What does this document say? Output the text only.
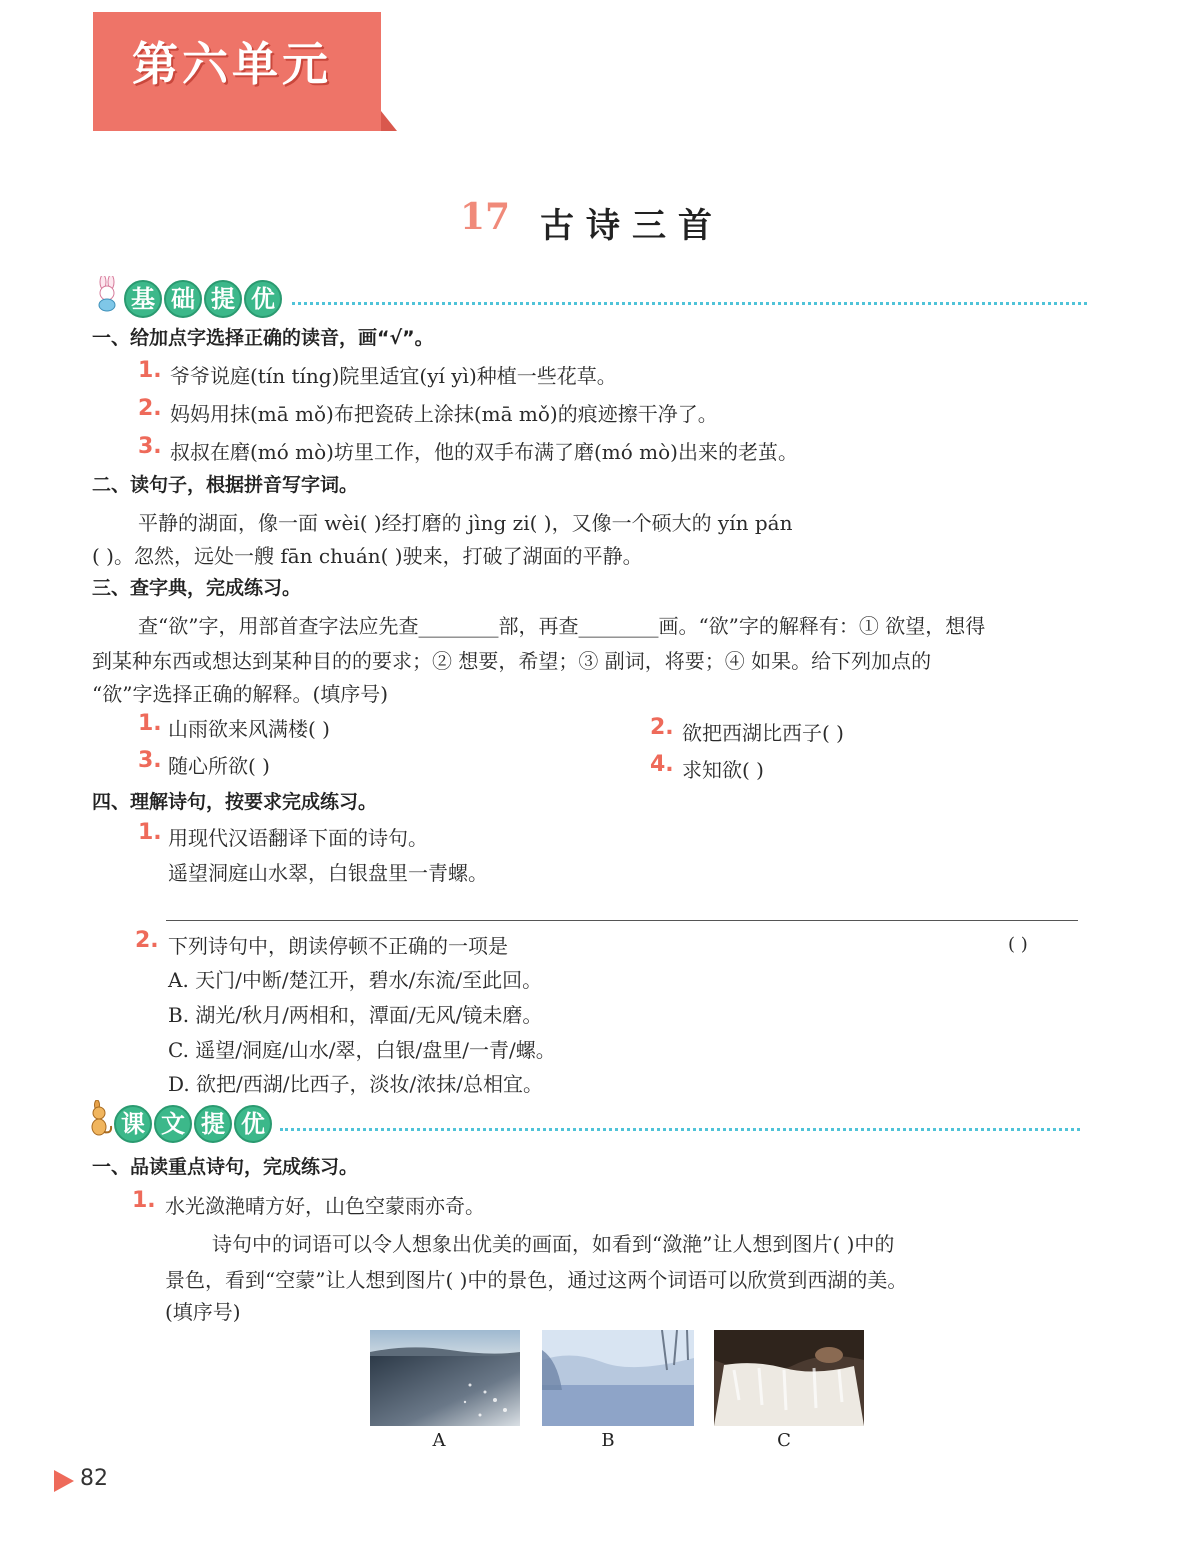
第六单元
17 古诗三首
基 础 提 优
一、给加点字选择正确的读音，画“√”。
1. 爷爷说庭(tín tíng)院里适宜(yí yì)种植一些花草。
2. 妈妈用抹(mā mǒ)布把瓷砖上涂抹(mā mǒ)的痕迹擦干净了。
3. 叔叔在磨(mó mò)坊里工作，他的双手布满了磨(mó mò)出来的老茧。
二、读句子，根据拼音写字词。
平静的湖面，像一面 wèi( )经打磨的 jìng zi( )，又像一个硕大的 yín pán
( )。忽然，远处一艘 fān chuán( )驶来，打破了湖面的平静。
三、查字典，完成练习。
查“欲”字，用部首查字法应先查________部，再查________画。“欲”字的解释有：① 欲望，想得
到某种东西或想达到某种目的的要求；② 想要，希望；③ 副词，将要；④ 如果。给下列加点的
“欲”字选择正确的解释。(填序号)
1. 山雨欲来风满楼( )	2. 欲把西湖比西子( )
3. 随心所欲( )	4. 求知欲( )
四、理解诗句，按要求完成练习。
1. 用现代汉语翻译下面的诗句。
遥望洞庭山水翠，白银盘里一青螺。
2. 下列诗句中，朗读停顿不正确的一项是	( )
A. 天门/中断/楚江开，碧水/东流/至此回。
B. 湖光/秋月/两相和，潭面/无风/镜未磨。
C. 遥望/洞庭/山水/翠，白银/盘里/一青/螺。
D. 欲把/西湖/比西子，淡妆/浓抹/总相宜。
课 文 提 优
一、品读重点诗句，完成练习。
1. 水光潋滟晴方好，山色空蒙雨亦奇。
诗句中的词语可以令人想象出优美的画面，如看到“潋滟”让人想到图片( )中的
景色，看到“空蒙”让人想到图片( )中的景色，通过这两个词语可以欣赏到西湖的美。
(填序号)
A	B	C
82
